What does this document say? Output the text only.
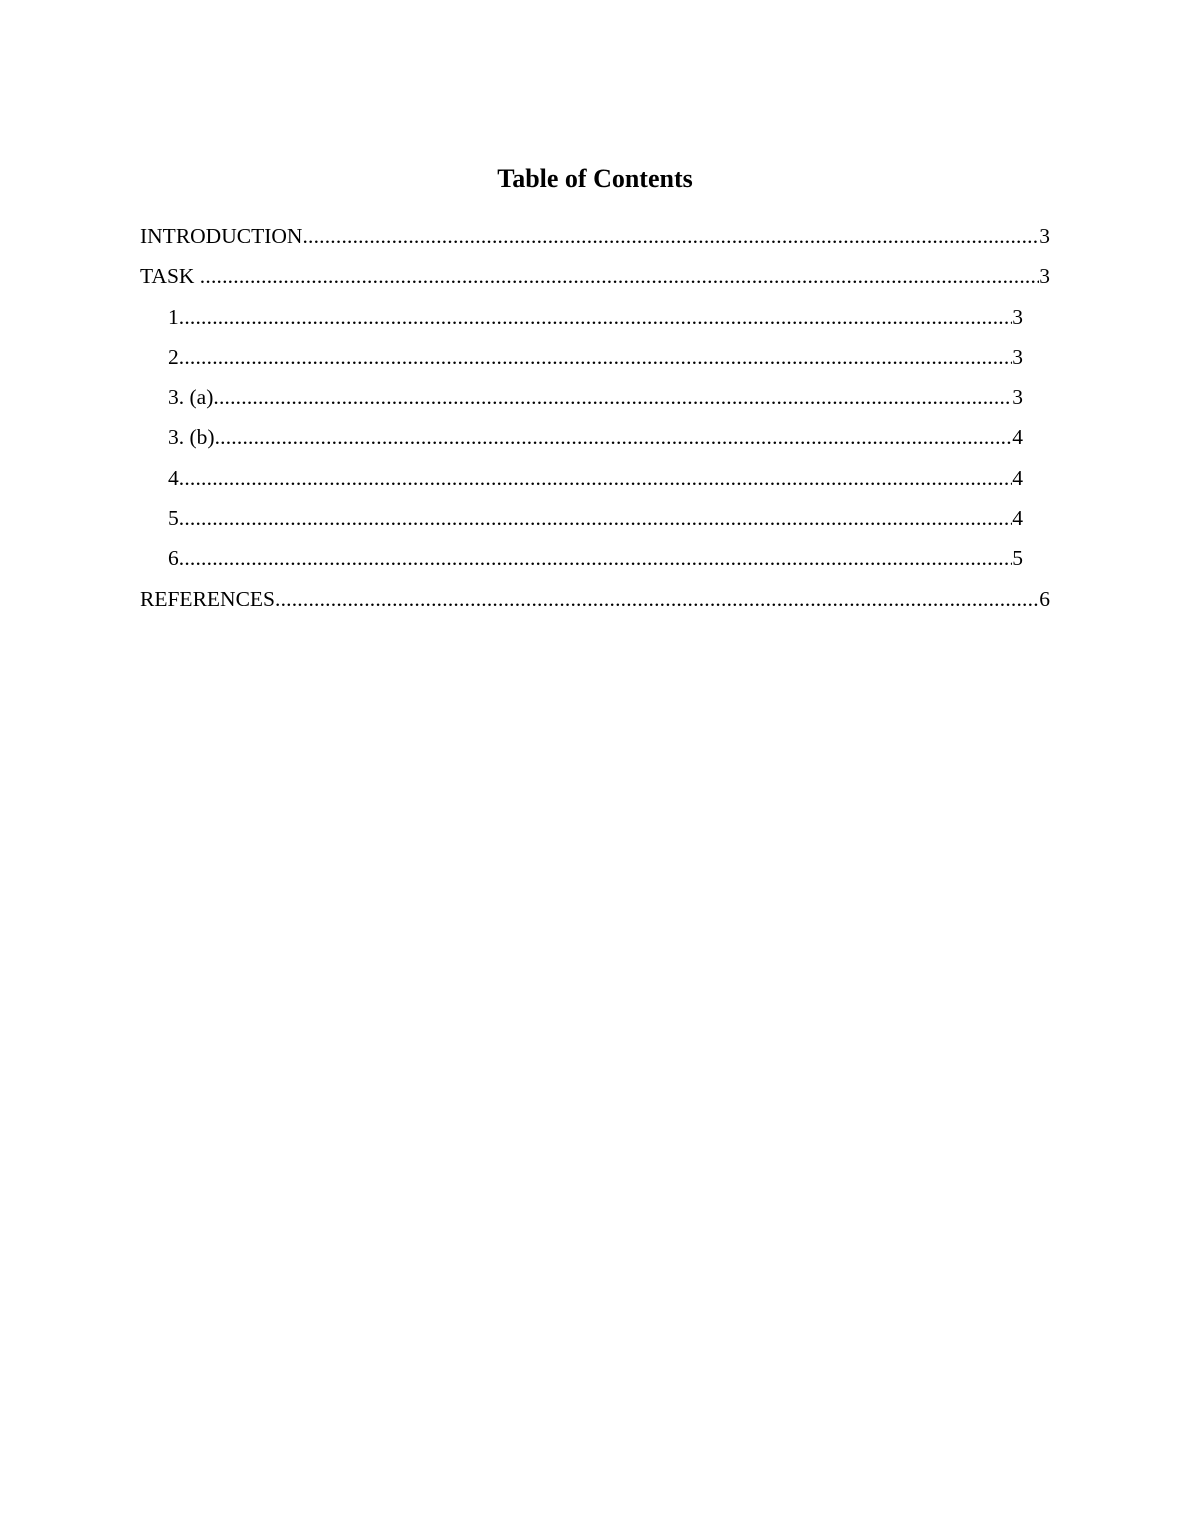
Table of Contents
INTRODUCTION .....	3
TASK .....	3
1 .....	3
2 .....	3
3. (a) .....	3
3. (b) .....	4
4 .....	4
5 .....	4
6 .....	5
REFERENCES .....	6
